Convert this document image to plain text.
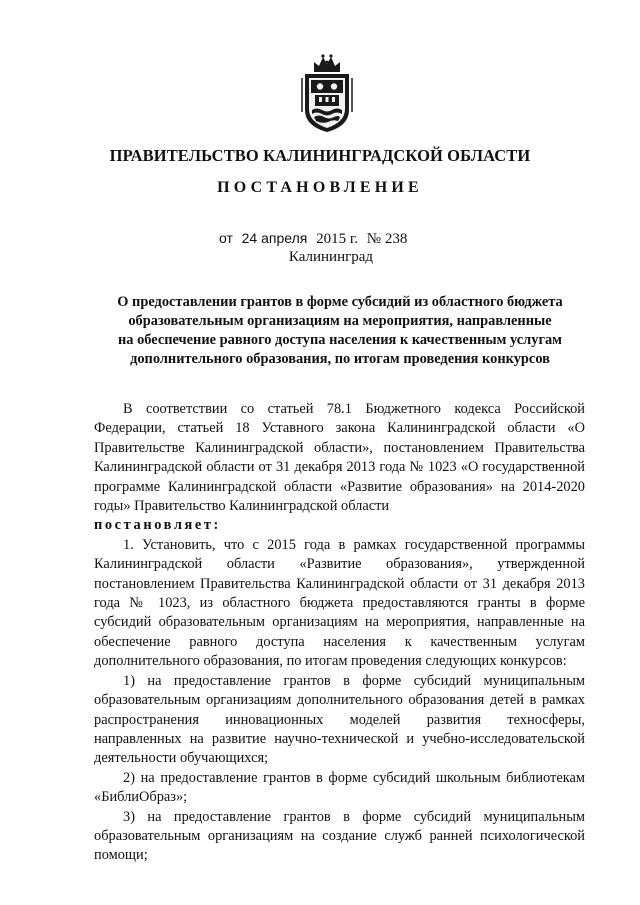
ПРАВИТЕЛЬСТВО КАЛИНИНГРАДСКОЙ ОБЛАСТИ
ПОСТАНОВЛЕНИЕ
от 24 апреля 2015 г. № 238
Калининград
О предоставлении грантов в форме субсидий из областного бюджета
образовательным организациям на мероприятия, направленные
на обеспечение равного доступа населения к качественным услугам
дополнительного образования, по итогам проведения конкурсов

В соответствии со статьей 78.1 Бюджетного кодекса Российской Федерации, статьей 18 Уставного закона Калининградской области «О Правительстве Калининградской области», постановлением Правительства Калининградской области от 31 декабря 2013 года № 1023 «О государственной программе Калининградской области «Развитие образования» на 2014-2020 годы» Правительство Калининградской области

постановляет:

1. Установить, что с 2015 года в рамках государственной программы Калининградской области «Развитие образования», утвержденной постановлением Правительства Калининградской области от 31 декабря 2013 года № 1023, из областного бюджета предоставляются гранты в форме субсидий образовательным организациям на мероприятия, направленные на обеспечение равного доступа населения к качественным услугам дополнительного образования, по итогам проведения следующих конкурсов:

1) на предоставление грантов в форме субсидий муниципальным образовательным организациям дополнительного образования детей в рамках распространения инновационных моделей развития техносферы, направленных на развитие научно-технической и учебно-исследовательской деятельности обучающихся;

2) на предоставление грантов в форме субсидий школьным библиотекам «БиблиОбраз»;

3) на предоставление грантов в форме субсидий муниципальным образовательным организациям на создание служб ранней психологической помощи;
